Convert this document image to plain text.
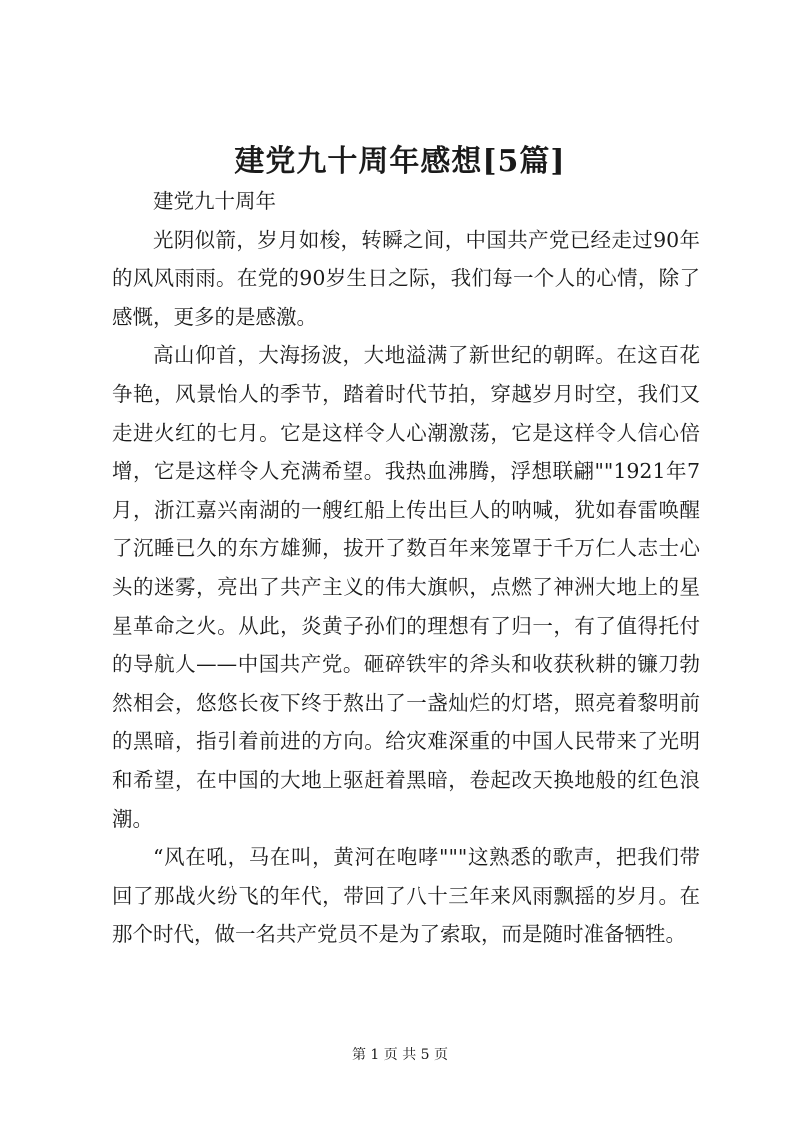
建党九十周年感想[5篇]

建党九十周年

光阴似箭，岁月如梭，转瞬之间，中国共产党已经走过90年的风风雨雨。在党的90岁生日之际，我们每一个人的心情，除了感慨，更多的是感激。

高山仰首，大海扬波，大地溢满了新世纪的朝晖。在这百花争艳，风景怡人的季节，踏着时代节拍，穿越岁月时空，我们又走进火红的七月。它是这样令人心潮激荡，它是这样令人信心倍增，它是这样令人充满希望。我热血沸腾，浮想联翩""1921年7月，浙江嘉兴南湖的一艘红船上传出巨人的呐喊，犹如春雷唤醒了沉睡已久的东方雄狮，拔开了数百年来笼罩于千万仁人志士心头的迷雾，亮出了共产主义的伟大旗帜，点燃了神洲大地上的星星革命之火。从此，炎黄子孙们的理想有了归一，有了值得托付的导航人——中国共产党。砸碎铁牢的斧头和收获秋耕的镰刀勃然相会，悠悠长夜下终于熬出了一盏灿烂的灯塔，照亮着黎明前的黑暗，指引着前进的方向。给灾难深重的中国人民带来了光明和希望，在中国的大地上驱赶着黑暗，卷起改天换地般的红色浪潮。

“风在吼，马在叫，黄河在咆哮"""这熟悉的歌声，把我们带回了那战火纷飞的年代，带回了八十三年来风雨飘摇的岁月。在那个时代，做一名共产党员不是为了索取，而是随时准备牺牲。

第 1 页 共 5 页
